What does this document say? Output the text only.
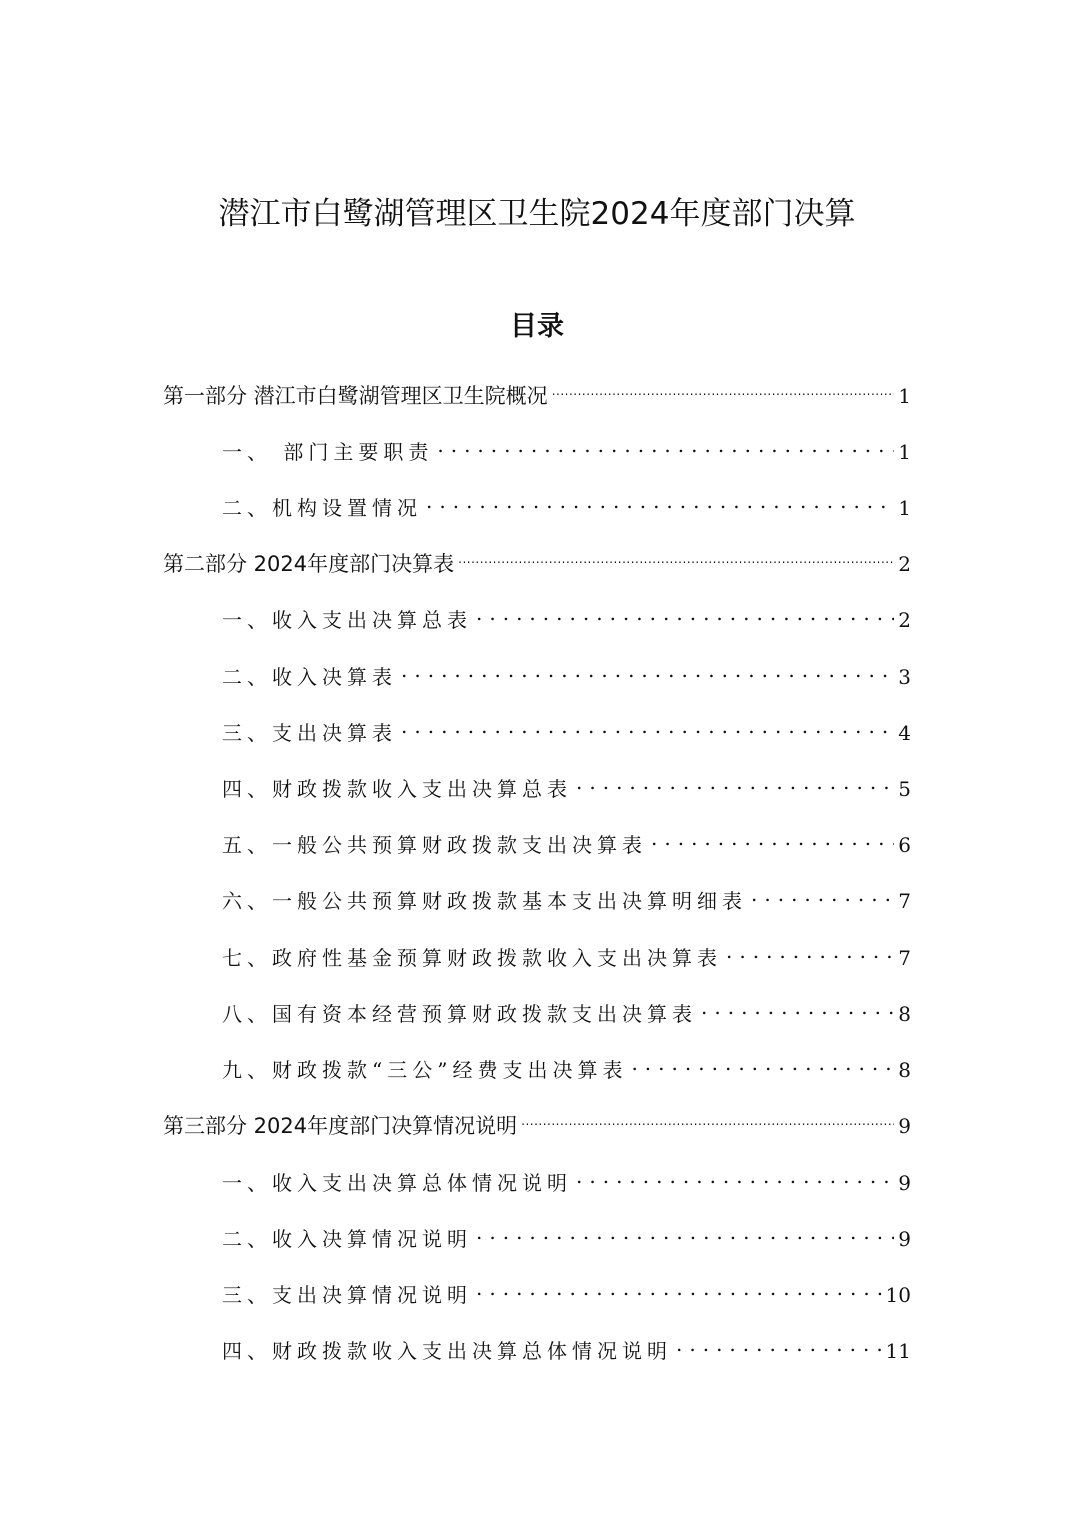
潜江市白鹭湖管理区卫生院2024年度部门决算
目录
第一部分 潜江市白鹭湖管理区卫生院概况 .....	1
一、 部门主要职责 .....	1
二、机构设置情况 .....	1
第二部分 2024年度部门决算表 .....	2
一、收入支出决算总表 .....	2
二、收入决算表 .....	3
三、支出决算表 .....	4
四、财政拨款收入支出决算总表 .....	5
五、一般公共预算财政拨款支出决算表 .....	6
六、一般公共预算财政拨款基本支出决算明细表 .....	7
七、政府性基金预算财政拨款收入支出决算表 .....	7
八、国有资本经营预算财政拨款支出决算表 .....	8
九、财政拨款“三公”经费支出决算表 .....	8
第三部分 2024年度部门决算情况说明 .....	9
一、收入支出决算总体情况说明 .....	9
二、收入决算情况说明 .....	9
三、支出决算情况说明 .....	10
四、财政拨款收入支出决算总体情况说明 .....	11
